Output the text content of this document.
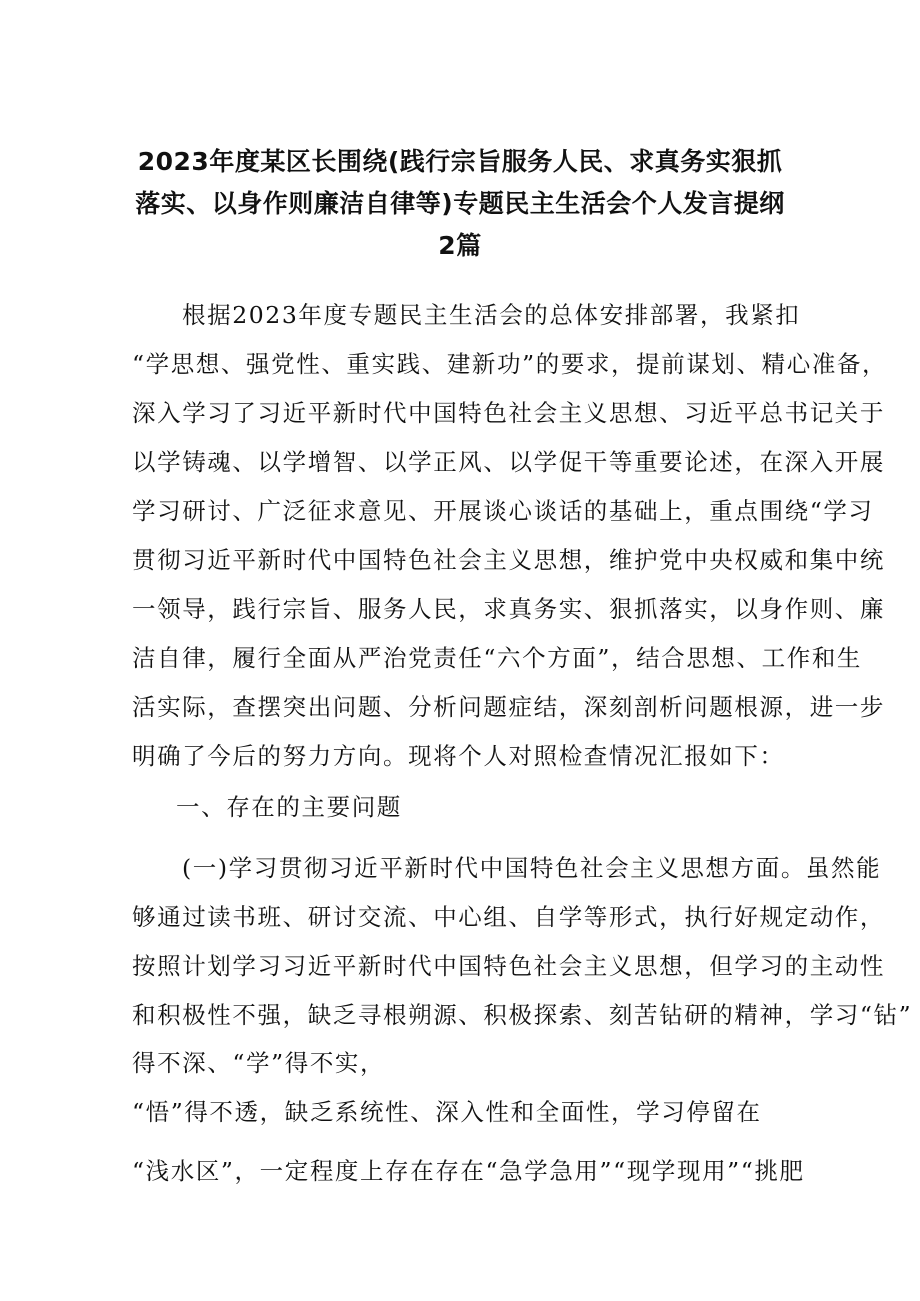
2023年度某区长围绕(践行宗旨服务人民、求真务实狠抓
落实、以身作则廉洁自律等)专题民主生活会个人发言提纲
2篇
根据2023年度专题民主生活会的总体安排部署，我紧扣
“学思想、强党性、重实践、建新功”的要求，提前谋划、精心准备，
深入学习了习近平新时代中国特色社会主义思想、习近平总书记关于
以学铸魂、以学增智、以学正风、以学促干等重要论述，在深入开展
学习研讨、广泛征求意见、开展谈心谈话的基础上，重点围绕“学习
贯彻习近平新时代中国特色社会主义思想，维护党中央权威和集中统
一领导，践行宗旨、服务人民，求真务实、狠抓落实，以身作则、廉
洁自律，履行全面从严治党责任“六个方面”，结合思想、工作和生
活实际，查摆突出问题、分析问题症结，深刻剖析问题根源，进一步
明确了今后的努力方向。现将个人对照检查情况汇报如下：
一、存在的主要问题
(一)学习贯彻习近平新时代中国特色社会主义思想方面。虽然能
够通过读书班、研讨交流、中心组、自学等形式，执行好规定动作，
按照计划学习习近平新时代中国特色社会主义思想，但学习的主动性
和积极性不强，缺乏寻根朔源、积极探索、刻苦钻研的精神，学习“钻”
得不深、“学”得不实，
“悟”得不透，缺乏系统性、深入性和全面性，学习停留在
“浅水区”，一定程度上存在存在“急学急用”“现学现用”“挑肥
